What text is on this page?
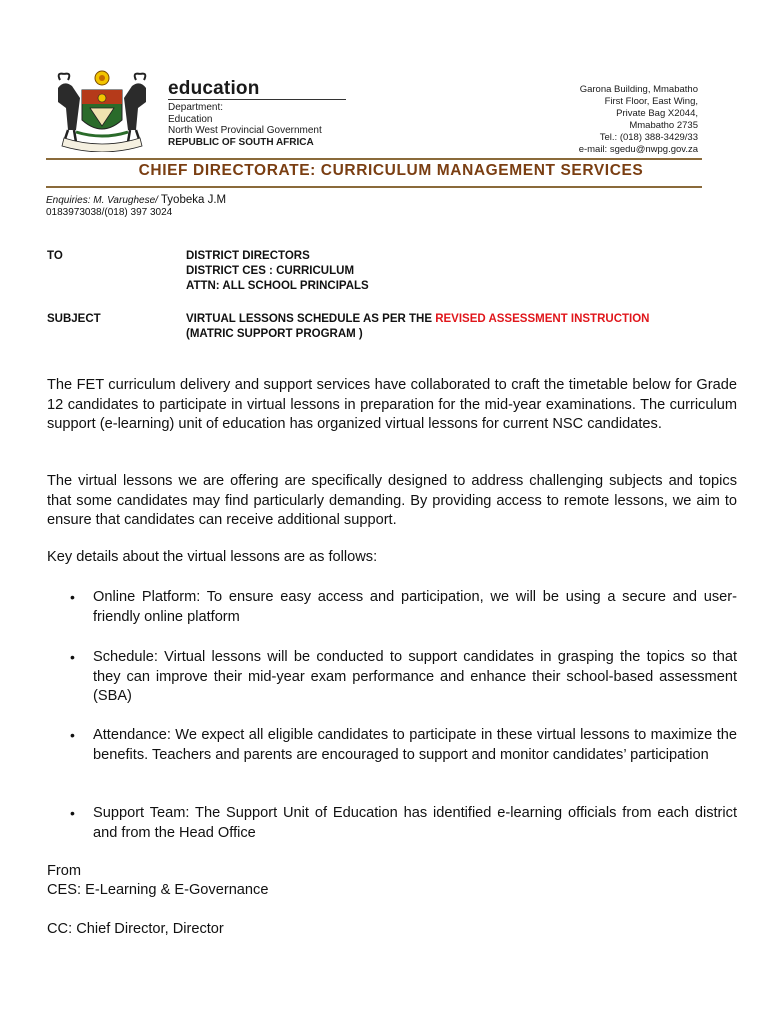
education
Department:
Education
North West Provincial Government
REPUBLIC OF SOUTH AFRICA
Garona Building, Mmabatho
First Floor, East Wing,
Private Bag X2044,
Mmabatho 2735
Tel.: (018) 388-3429/33
e-mail: sgedu@nwpg.gov.za
CHIEF DIRECTORATE: CURRICULUM MANAGEMENT SERVICES
Enquiries: M. Varughese/ Tyobeka J.M
0183973038/(018) 397 3024
TO	DISTRICT DIRECTORS
DISTRICT CES : CURRICULUM
ATTN: ALL SCHOOL PRINCIPALS
SUBJECT	VIRTUAL LESSONS SCHEDULE AS PER THE REVISED ASSESSMENT INSTRUCTION
(MATRIC SUPPORT PROGRAM )

The FET curriculum delivery and support services have collaborated to craft the timetable below for Grade 12 candidates to participate in virtual lessons in preparation for the mid-year examinations. The curriculum support (e-learning) unit of education has organized virtual lessons for current NSC candidates.

The virtual lessons we are offering are specifically designed to address challenging subjects and topics that some candidates may find particularly demanding. By providing access to remote lessons, we aim to ensure that candidates can receive additional support.

Key details about the virtual lessons are as follows:
•	Online Platform: To ensure easy access and participation, we will be using a secure and user-friendly online platform

•	Schedule: Virtual lessons will be conducted to support candidates in grasping the topics so that they can improve their mid-year exam performance and enhance their school-based assessment (SBA)

•	Attendance: We expect all eligible candidates to participate in these virtual lessons to maximize the benefits. Teachers and parents are encouraged to support and monitor candidates’ participation

•	Support Team: The Support Unit of Education has identified e-learning officials from each district and from the Head Office

From
CES: E-Learning & E-Governance
CC: Chief Director, Director
